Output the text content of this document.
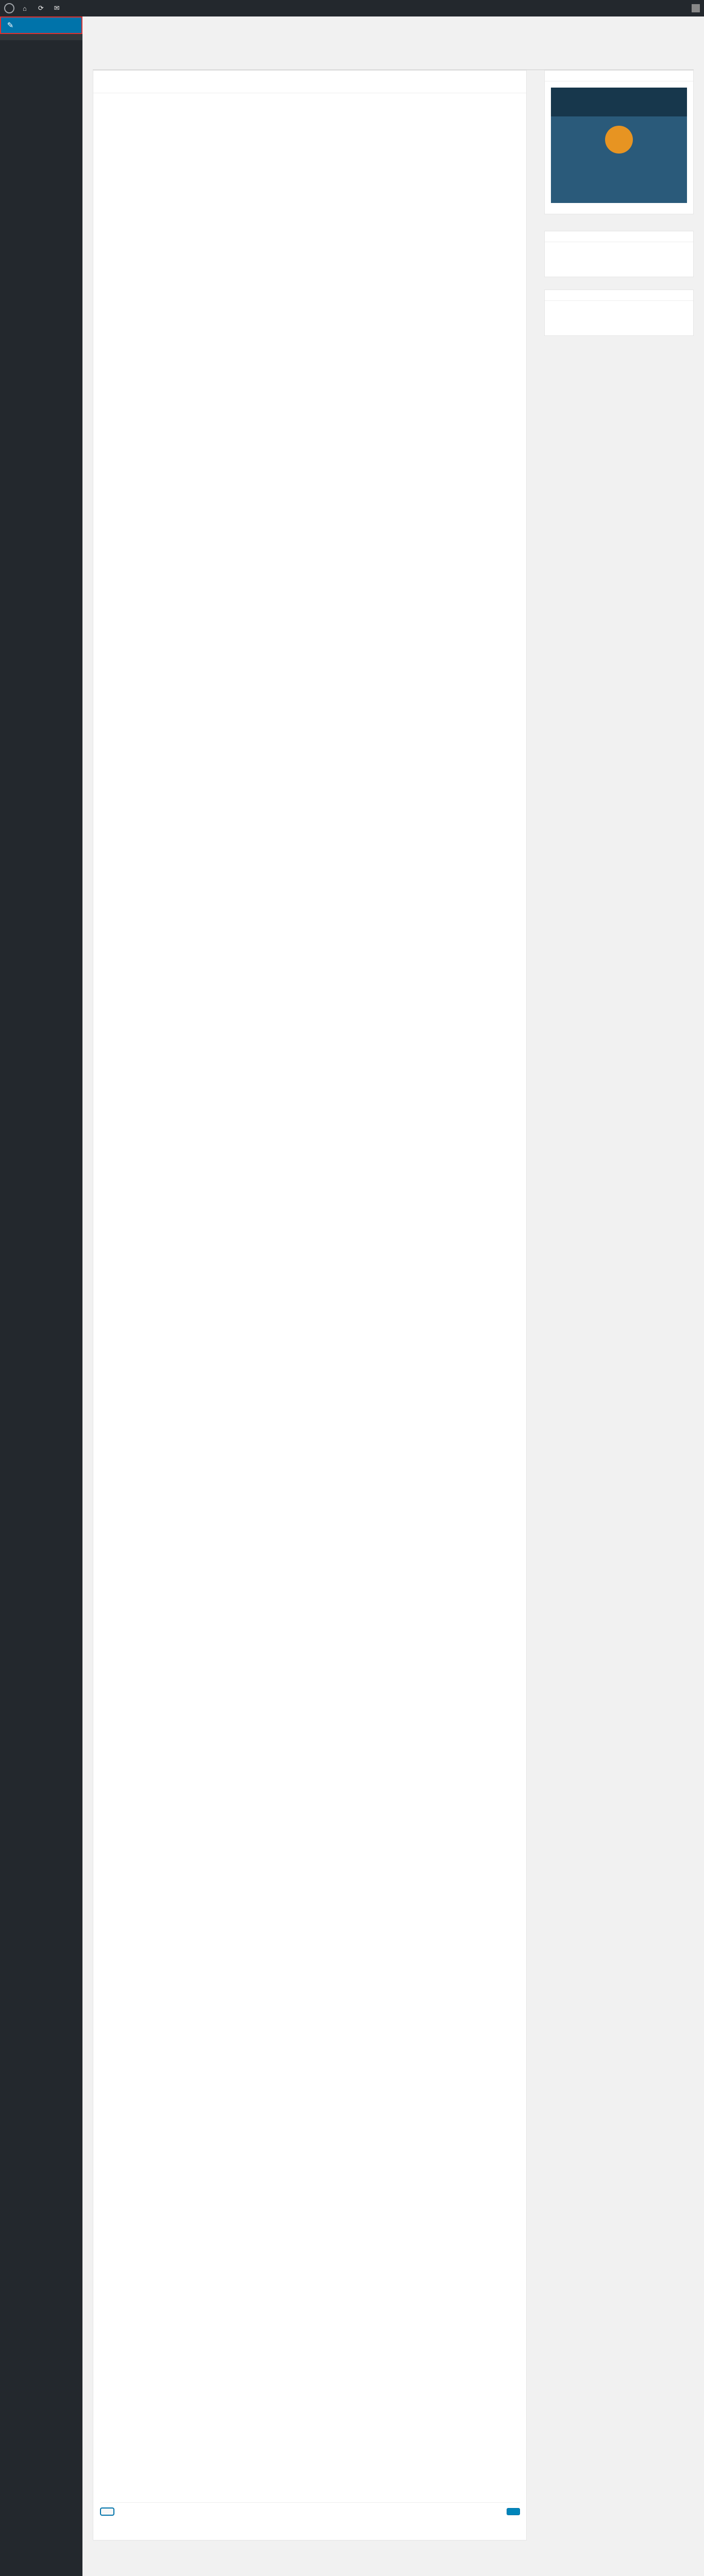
⌂ ⟳ ✉
✎
